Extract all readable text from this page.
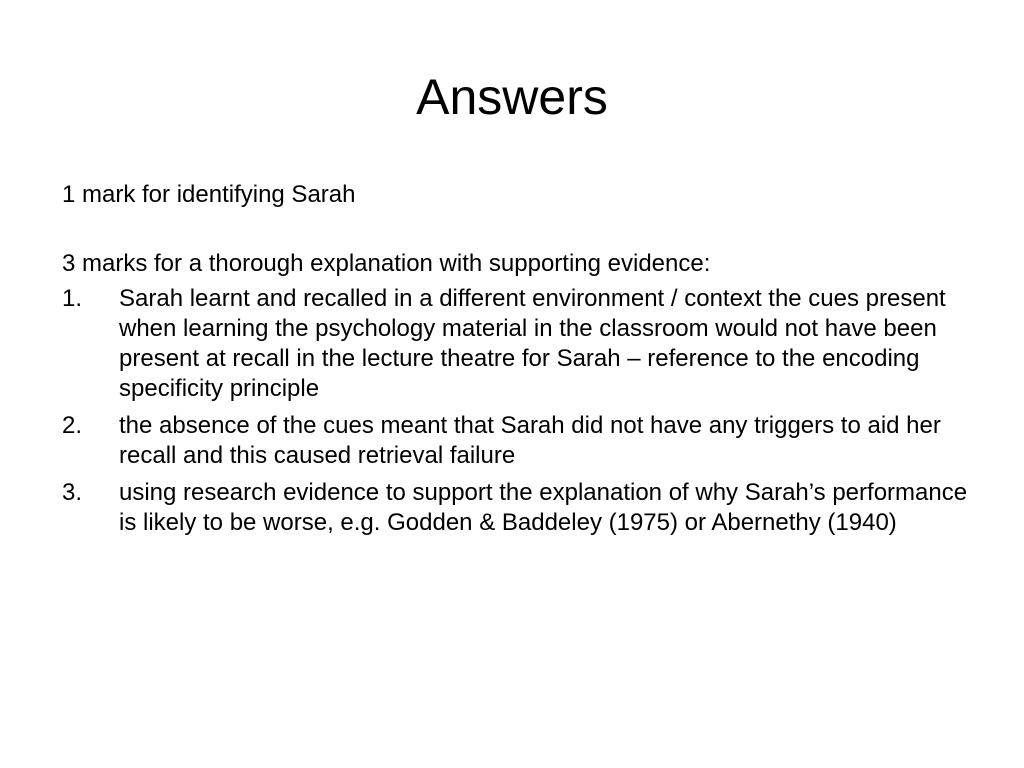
Answers

1 mark for identifying Sarah

3 marks for a thorough explanation with supporting evidence:

1. Sarah learnt and recalled in a different environment / context the cues present when learning the psychology material in the classroom would not have been present at recall in the lecture theatre for Sarah – reference to the encoding specificity principle
2. the absence of the cues meant that Sarah did not have any triggers to aid her recall and this caused retrieval failure
3. using research evidence to support the explanation of why Sarah’s performance is likely to be worse, e.g. Godden & Baddeley (1975) or Abernethy (1940)
